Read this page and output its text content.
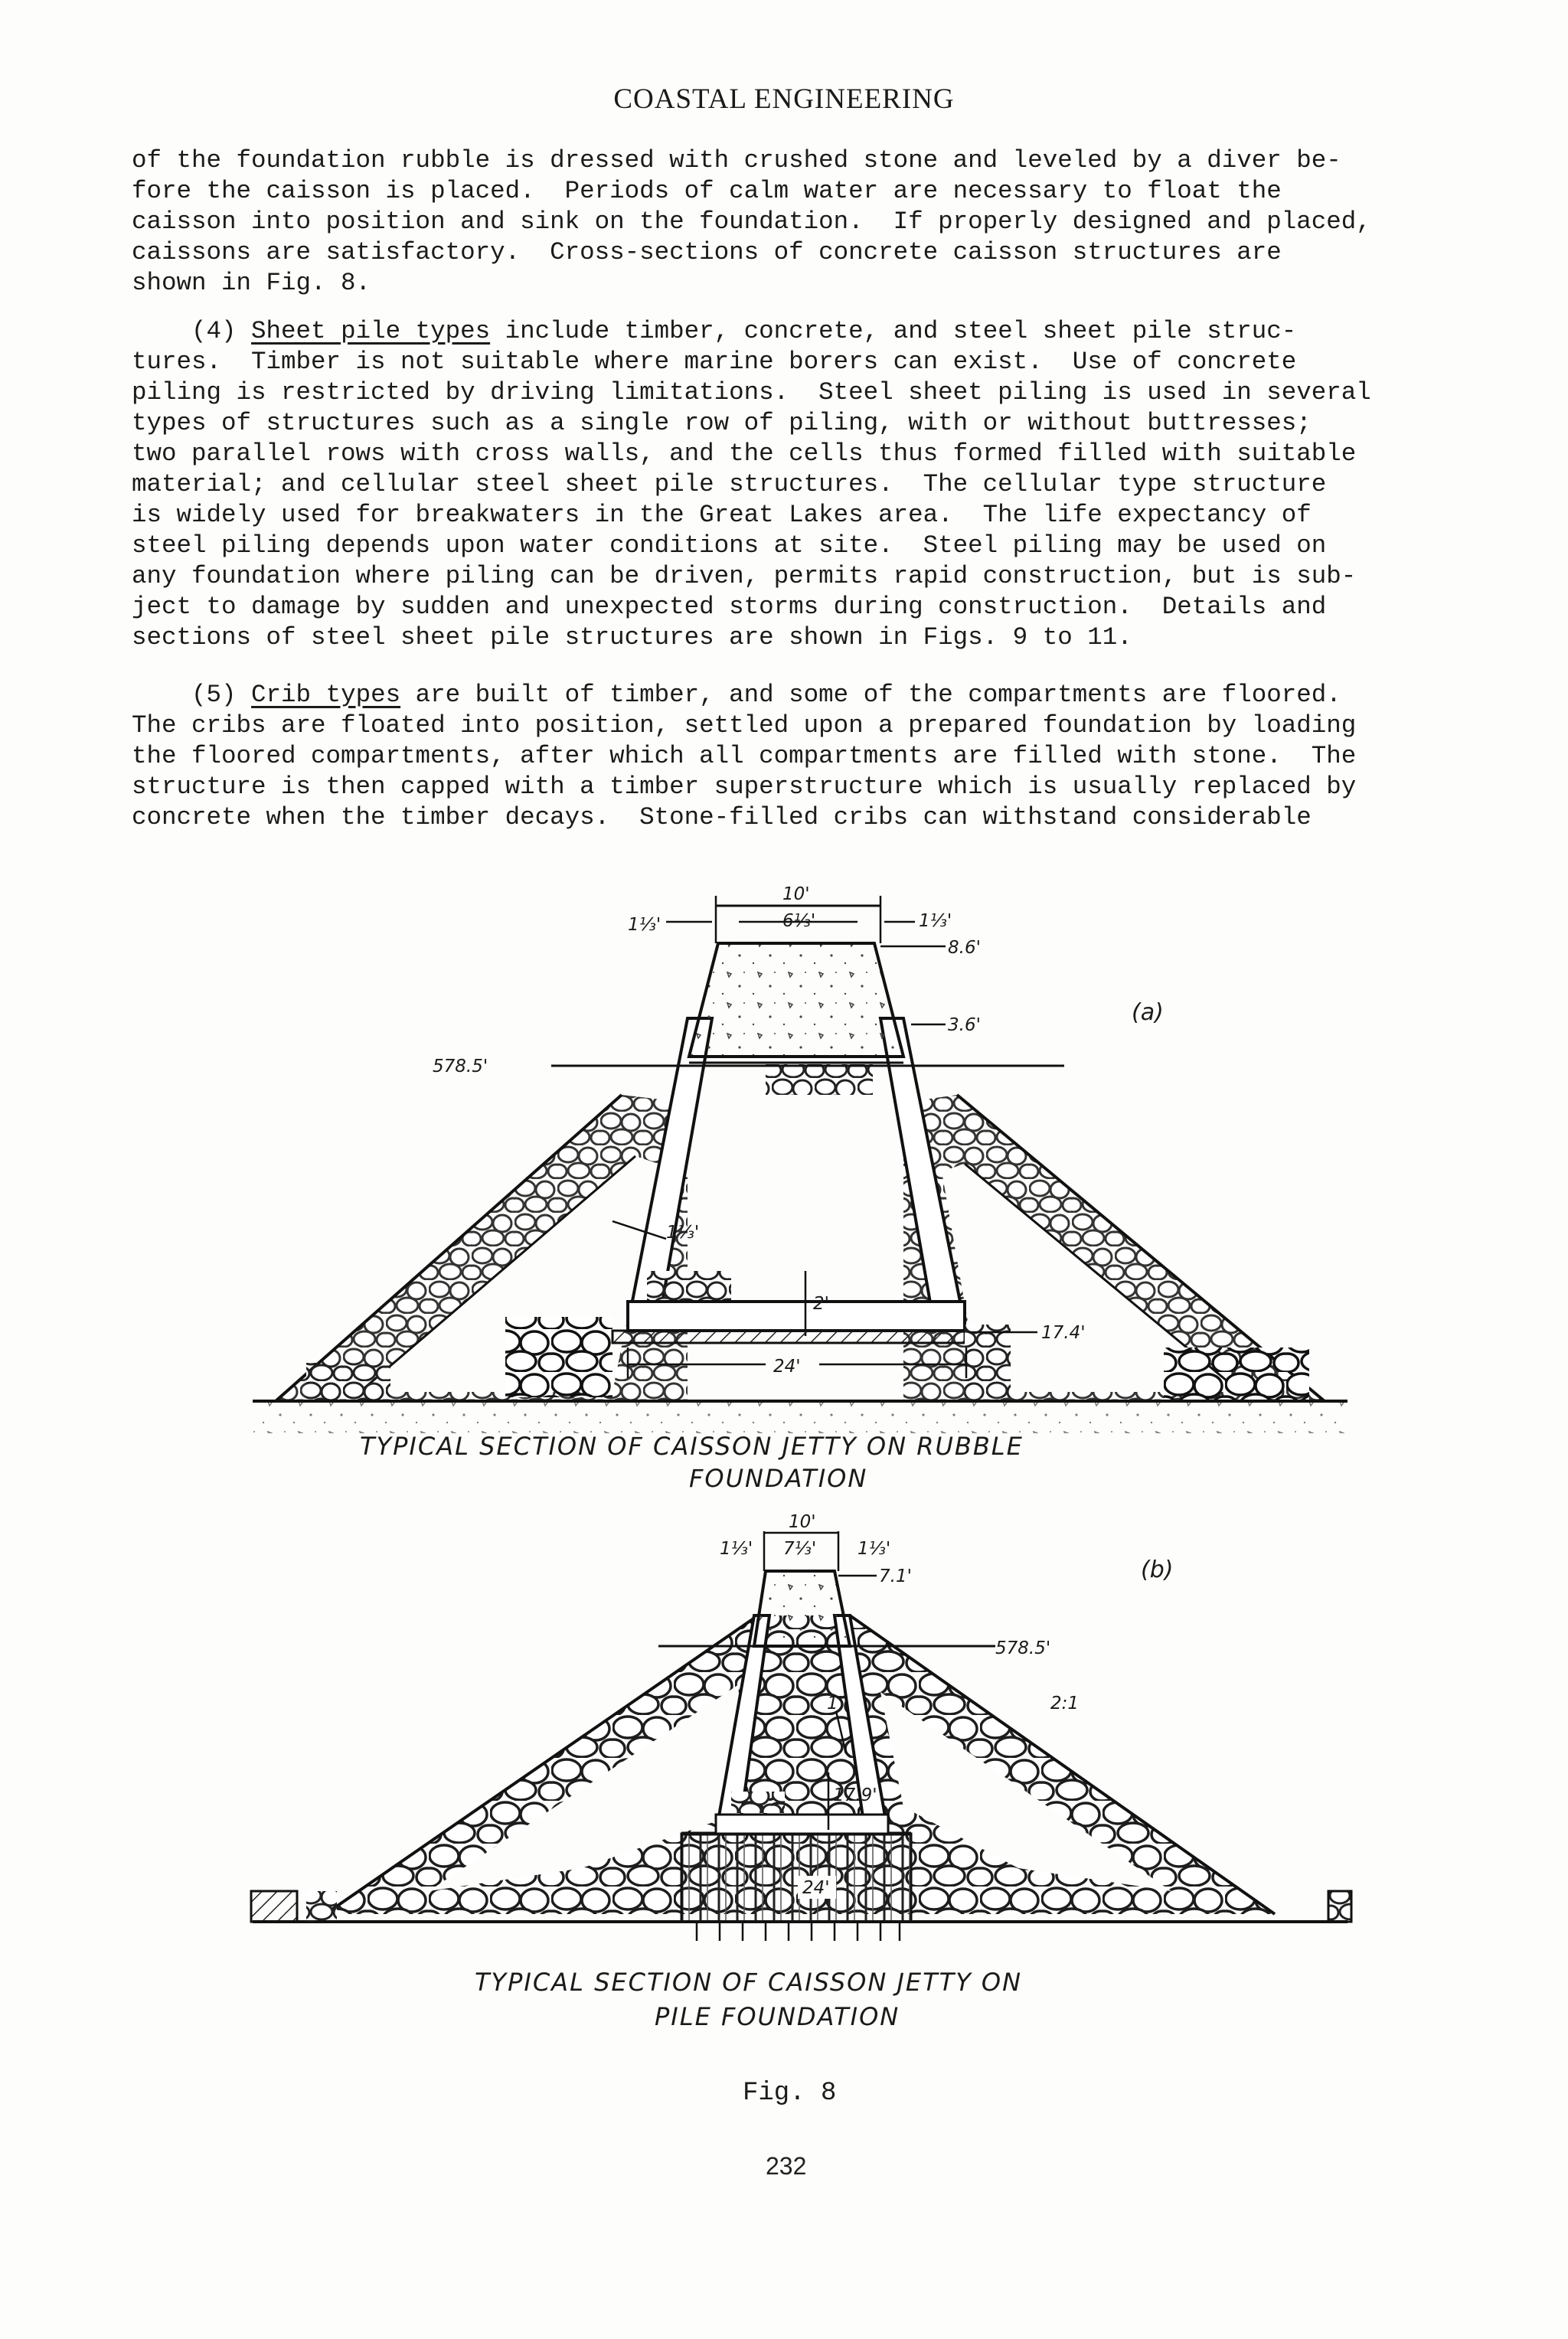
COASTAL ENGINEERING
of the foundation rubble is dressed with crushed stone and leveled by a diver be-
fore the caisson is placed.  Periods of calm water are necessary to float the
caisson into position and sink on the foundation.  If properly designed and placed,
caissons are satisfactory.  Cross-sections of concrete caisson structures are
shown in Fig. 8.
(4) Sheet pile types include timber, concrete, and steel sheet pile struc-
tures.  Timber is not suitable where marine borers can exist.  Use of concrete
piling is restricted by driving limitations.  Steel sheet piling is used in several
types of structures such as a single row of piling, with or without buttresses;
two parallel rows with cross walls, and the cells thus formed filled with suitable
material; and cellular steel sheet pile structures.  The cellular type structure
is widely used for breakwaters in the Great Lakes area.  The life expectancy of
steel piling depends upon water conditions at site.  Steel piling may be used on
any foundation where piling can be driven, permits rapid construction, but is sub-
ject to damage by sudden and unexpected storms during construction.  Details and
sections of steel sheet pile structures are shown in Figs. 9 to 11.
(5) Crib types are built of timber, and some of the compartments are floored.
The cribs are floated into position, settled upon a prepared foundation by loading
the floored compartments, after which all compartments are filled with stone.  The
structure is then capped with a timber superstructure which is usually replaced by
concrete when the timber decays.  Stone-filled cribs can withstand considerable
578.5'
10'
6⅓'
1⅓'	1⅓'
8.6'
3.6'
1⅓'
2'
17.4'
24'
(a)
TYPICAL SECTION OF CAISSON JETTY ON RUBBLE
FOUNDATION
578.5'
10'
7⅓'
1⅓'	1⅓'
7.1'
2:1
1'
17.9'
24'
(b)
TYPICAL SECTION OF CAISSON JETTY ON
PILE FOUNDATION
Fig. 8
232
